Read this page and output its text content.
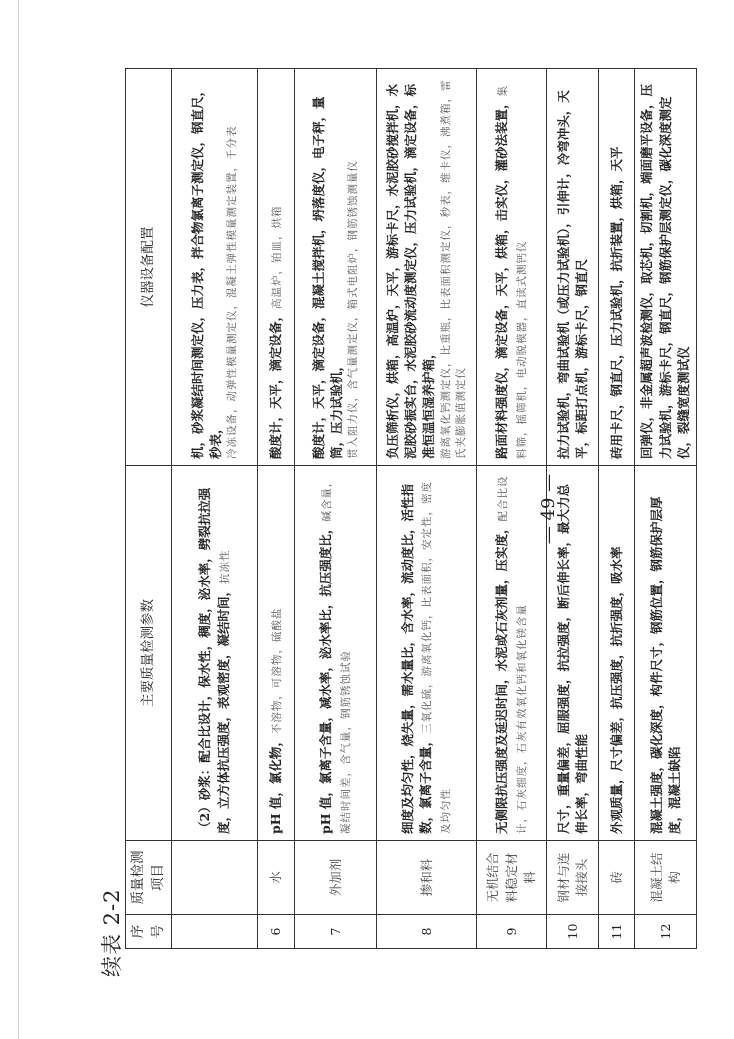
续表 2-2 序号	质量检测项目	主要质量检测参数	仪器设备配置
		（2）砂浆：配合比设计，保水性，稠度，泌水率，劈裂抗拉强度，立方体抗压强度，表观密度，凝结时间，抗冻性	机，砂浆凝结时间测定仪，压力表，拌合物氯离子测定仪，钢直尺，秒表， 冷冻设备，动弹性模量测定仪，混凝土弹性模量测定装置，千分表

6	水	pH 值，氯化物，不溶物，可溶物，硫酸盐	酸度计，天平，滴定设备，高温炉，铂皿，烘箱
7	外加剂	pH 值，氯离子含量，减水率，泌水率比，抗压强度比，碱含量，凝结时间差，含气量，钢筋锈蚀试验	酸度计，天平，滴定设备，混凝土搅拌机，坍落度仪，电子秤，量筒，压力试验机， 贯入阻力仪，含气量测定仪，箱式电阻炉，钢筋锈蚀测量仪

8	掺和料	细度及均匀性，烧失量，需水量比，含水率，流动度比，活性指数，氯离子含量，三氧化硫，游离氧化钙，比表面积，安定性，密度及均匀性	负压筛析仪，烘箱，高温炉，天平，游标卡尺，水泥胶砂搅拌机，水泥胶砂振实台，水泥胶砂流动度测定仪，压力试验机，滴定设备，标准恒温恒湿养护箱， 游离氧化钙测定仪，比重瓶，比表面积测定仪，秒表，维卡仪，沸煮箱，雷氏夹膨胀值测定仪

9	无机结合料稳定材料	无侧限抗压强度及延迟时间，水泥或石灰剂量，压实度，配合比设计，石灰细度，石灰有效氧化钙和氧化镁含量	路面材料强度仪，滴定设备，天平，烘箱，击实仪，灌砂法装置，集料筛，摇筛机，电动脱模器，直读式测钙仪
10	钢材与连接接头	尺寸，重量偏差，屈服强度，抗拉强度，断后伸长率，最大力总伸长率，弯曲性能	拉力试验机，弯曲试验机（或压力试验机），引伸计，冷弯冲头，天平，标距打点机，游标卡尺，钢直尺
11	砖	外观质量，尺寸偏差，抗压强度，抗折强度，吸水率	砖用卡尺，钢直尺，压力试验机，抗折装置，烘箱，天平
12	混凝土结构	混凝土强度，碳化深度，构件尺寸，钢筋位置，钢筋保护层厚度，混凝土缺陷	回弹仪，非金属超声波检测仪，取芯机，切割机，端面磨平设备，压力试验机，游标卡尺，钢直尺，钢筋保护层测定仪，碳化深度测定仪，裂缝宽度测试仪
— 49 —
